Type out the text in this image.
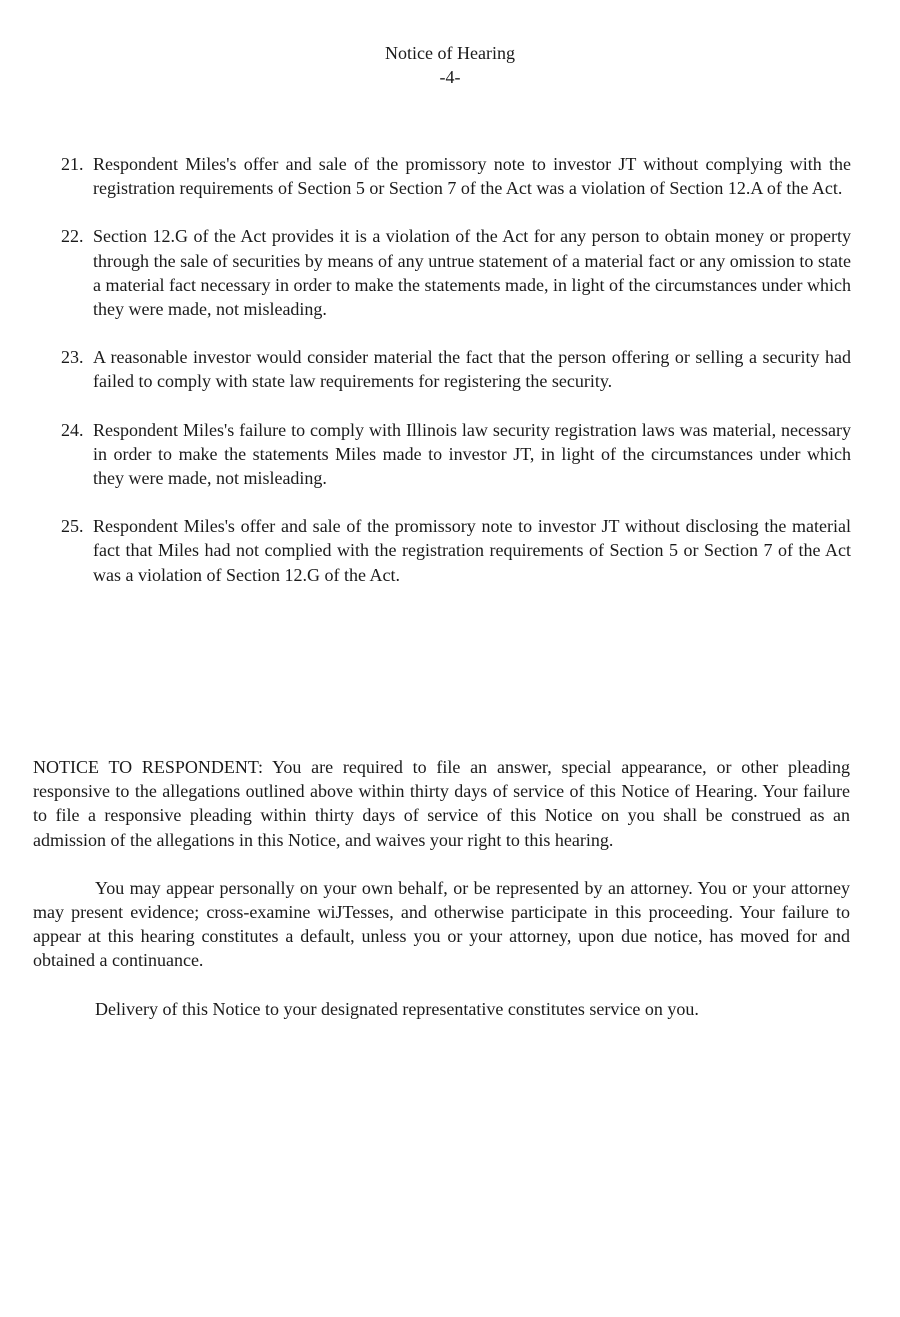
Notice of Hearing
-4-
21. Respondent Miles's offer and sale of the promissory note to investor JT without complying with the registration requirements of Section 5 or Section 7 of the Act was a violation of Section 12.A of the Act.
22. Section 12.G of the Act provides it is a violation of the Act for any person to obtain money or property through the sale of securities by means of any untrue statement of a material fact or any omission to state a material fact necessary in order to make the statements made, in light of the circumstances under which they were made, not misleading.
23. A reasonable investor would consider material the fact that the person offering or selling a security had failed to comply with state law requirements for registering the security.
24. Respondent Miles's failure to comply with Illinois law security registration laws was material, necessary in order to make the statements Miles made to investor JT, in light of the circumstances under which they were made, not misleading.
25. Respondent Miles's offer and sale of the promissory note to investor JT without disclosing the material fact that Miles had not complied with the registration requirements of Section 5 or Section 7 of the Act was a violation of Section 12.G of the Act.

NOTICE TO RESPONDENT: You are required to file an answer, special appearance, or other pleading responsive to the allegations outlined above within thirty days of service of this Notice of Hearing. Your failure to file a responsive pleading within thirty days of service of this Notice on you shall be construed as an admission of the allegations in this Notice, and waives your right to this hearing.

You may appear personally on your own behalf, or be represented by an attorney. You or your attorney may present evidence; cross-examine wiJTesses, and otherwise participate in this proceeding. Your failure to appear at this hearing constitutes a default, unless you or your attorney, upon due notice, has moved for and obtained a continuance.

Delivery of this Notice to your designated representative constitutes service on you.
